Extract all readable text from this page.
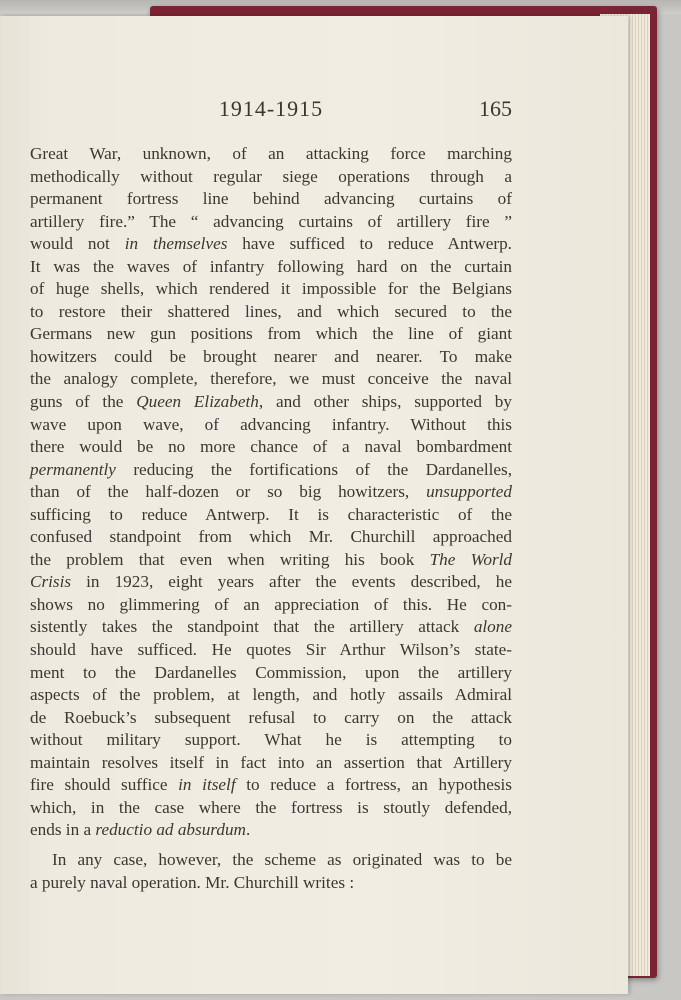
1914-1915	165
Great War, unknown, of an attacking force marching
methodically without regular siege operations through a
permanent fortress line behind advancing curtains of
artillery fire.” The “ advancing curtains of artillery fire ”
would not in themselves have sufficed to reduce Antwerp.
It was the waves of infantry following hard on the curtain
of huge shells, which rendered it impossible for the Belgians
to restore their shattered lines, and which secured to the
Germans new gun positions from which the line of giant
howitzers could be brought nearer and nearer. To make
the analogy complete, therefore, we must conceive the naval
guns of the Queen Elizabeth, and other ships, supported by
wave upon wave, of advancing infantry. Without this
there would be no more chance of a naval bombardment
permanently reducing the fortifications of the Dardanelles,
than of the half-dozen or so big howitzers, unsupported
sufficing to reduce Antwerp. It is characteristic of the
confused standpoint from which Mr. Churchill approached
the problem that even when writing his book The World
Crisis in 1923, eight years after the events described, he
shows no glimmering of an appreciation of this. He con-
sistently takes the standpoint that the artillery attack alone
should have sufficed. He quotes Sir Arthur Wilson’s state-
ment to the Dardanelles Commission, upon the artillery
aspects of the problem, at length, and hotly assails Admiral
de Roebuck’s subsequent refusal to carry on the attack
without military support. What he is attempting to
maintain resolves itself in fact into an assertion that Artillery
fire should suffice in itself to reduce a fortress, an hypothesis
which, in the case where the fortress is stoutly defended,
ends in a reductio ad absurdum.
In any case, however, the scheme as originated was to be
a purely naval operation. Mr. Churchill writes :
